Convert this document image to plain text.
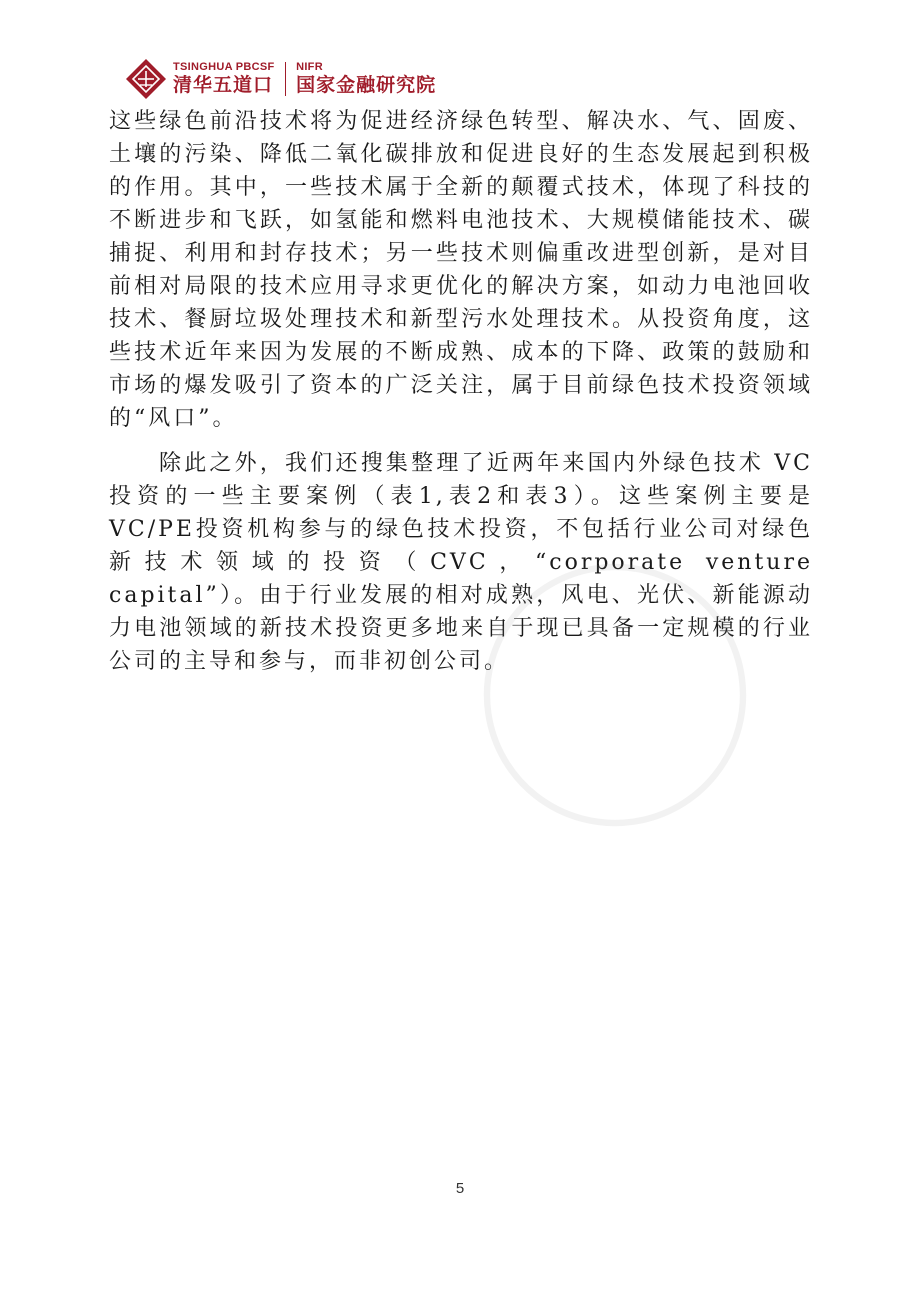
TSINGHUA PBCSF
清华五道口
NIFR
国家金融研究院

这些绿色前沿技术将为促进经济绿色转型、解决水、气、固废、土壤的污染、降低二氧化碳排放和促进良好的生态发展起到积极的作用。其中，一些技术属于全新的颠覆式技术，体现了科技的不断进步和飞跃，如氢能和燃料电池技术、大规模储能技术、碳捕捉、利用和封存技术；另一些技术则偏重改进型创新，是对目前相对局限的技术应用寻求更优化的解决方案，如动力电池回收技术、餐厨垃圾处理技术和新型污水处理技术。从投资角度，这些技术近年来因为发展的不断成熟、成本的下降、政策的鼓励和市场的爆发吸引了资本的广泛关注，属于目前绿色技术投资领域的“风口”。

除此之外，我们还搜集整理了近两年来国内外绿色技术 VC 投资的一些主要案例（表1,表2和表3）。这些案例主要是VC/PE投资机构参与的绿色技术投资，不包括行业公司对绿色新技术领域的投资（CVC，“corporate venture capital”）。由于行业发展的相对成熟，风电、光伏、新能源动力电池领域的新技术投资更多地来自于现已具备一定规模的行业公司的主导和参与，而非初创公司。

5
